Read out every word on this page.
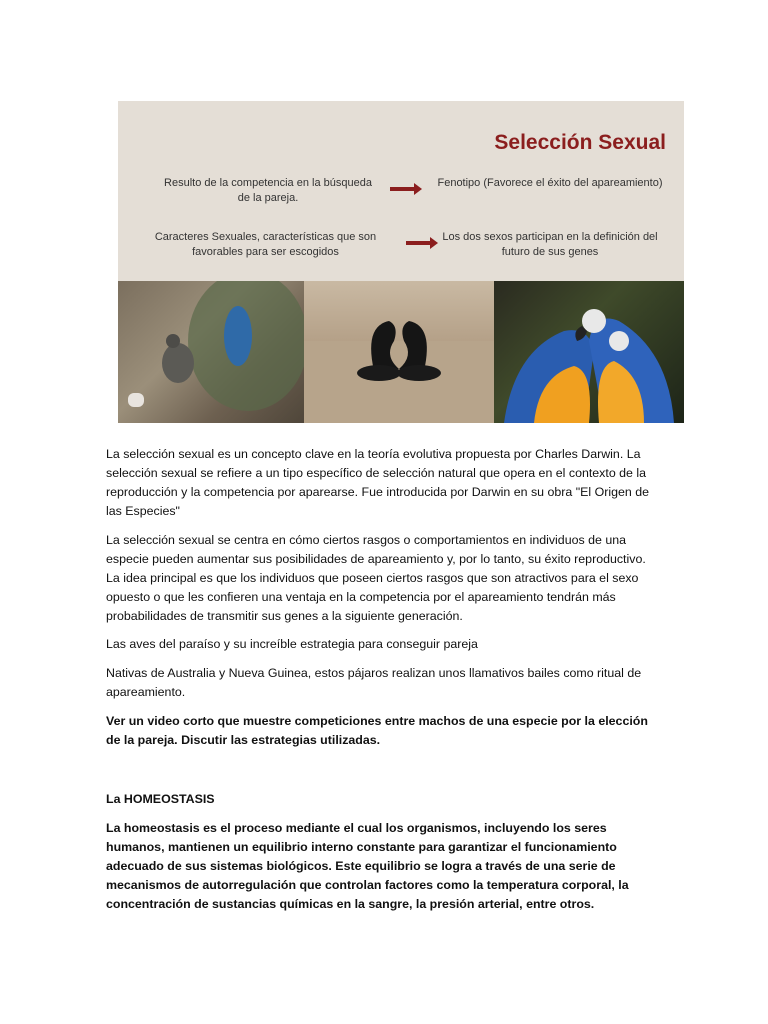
Selección Sexual
Resulto de la competencia en la búsqueda de la pareja.
Fenotipo (Favorece el éxito del apareamiento)
Caracteres Sexuales, características que son favorables para ser escogidos
Los dos sexos participan en la definición del futuro de sus genes

La selección sexual es un concepto clave en la teoría evolutiva propuesta por Charles Darwin. La selección sexual se refiere a un tipo específico de selección natural que opera en el contexto de la reproducción y la competencia por aparearse. Fue introducida por Darwin en su obra "El Origen de las Especies"

La selección sexual se centra en cómo ciertos rasgos o comportamientos en individuos de una especie pueden aumentar sus posibilidades de apareamiento y, por lo tanto, su éxito reproductivo. La idea principal es que los individuos que poseen ciertos rasgos que son atractivos para el sexo opuesto o que les confieren una ventaja en la competencia por el apareamiento tendrán más probabilidades de transmitir sus genes a la siguiente generación.

Las aves del paraíso y su increíble estrategia para conseguir pareja

Nativas de Australia y Nueva Guinea, estos pájaros realizan unos llamativos bailes como ritual de apareamiento.

Ver un video corto que muestre competiciones entre machos de una especie por la elección de la pareja. Discutir las estrategias utilizadas.

La HOMEOSTASIS

La homeostasis es el proceso mediante el cual los organismos, incluyendo los seres humanos, mantienen un equilibrio interno constante para garantizar el funcionamiento adecuado de sus sistemas biológicos. Este equilibrio se logra a través de una serie de mecanismos de autorregulación que controlan factores como la temperatura corporal, la concentración de sustancias químicas en la sangre, la presión arterial, entre otros.
